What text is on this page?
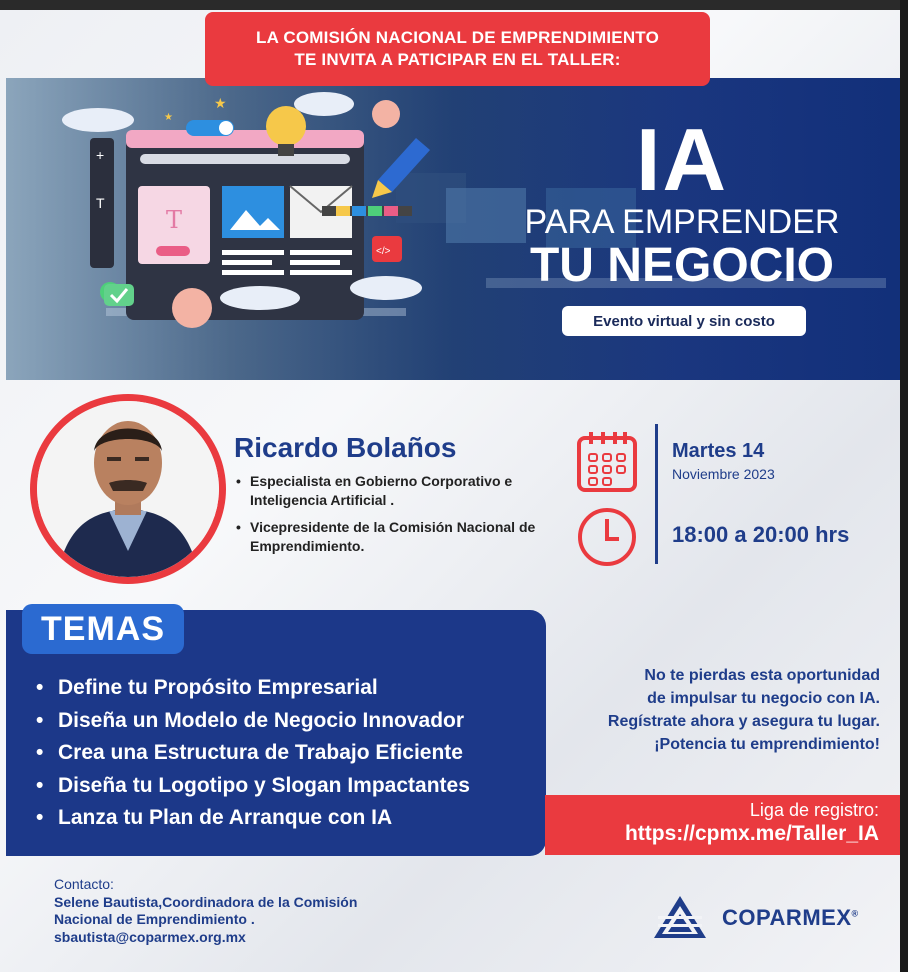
T
+
T
</>
★
★
LA COMISIÓN NACIONAL DE EMPRENDIMIENTO
TE INVITA A PATICIPAR EN EL TALLER:
IA
PARA EMPRENDER
TU NEGOCIO
Evento virtual y sin costo
Ricardo Bolaños
• Especialista en Gobierno Corporativo e Inteligencia Artificial .
• Vicepresidente de la Comisión Nacional de Emprendimiento.
Martes 14
Noviembre 2023
18:00 a 20:00 hrs
TEMAS
• Define tu Propósito Empresarial
• Diseña un Modelo de Negocio Innovador
• Crea una Estructura de Trabajo Eficiente
• Diseña tu Logotipo y Slogan Impactantes
• Lanza tu Plan de Arranque con IA
No te pierdas esta oportunidad
de impulsar tu negocio con IA.
Regístrate ahora y asegura tu lugar.
¡Potencia tu emprendimiento!
Liga de registro:
https://cpmx.me/Taller_IA
Contacto:
Selene Bautista,Coordinadora de la Comisión
Nacional de Emprendimiento .
sbautista@coparmex.org.mx
COPARMEX®
